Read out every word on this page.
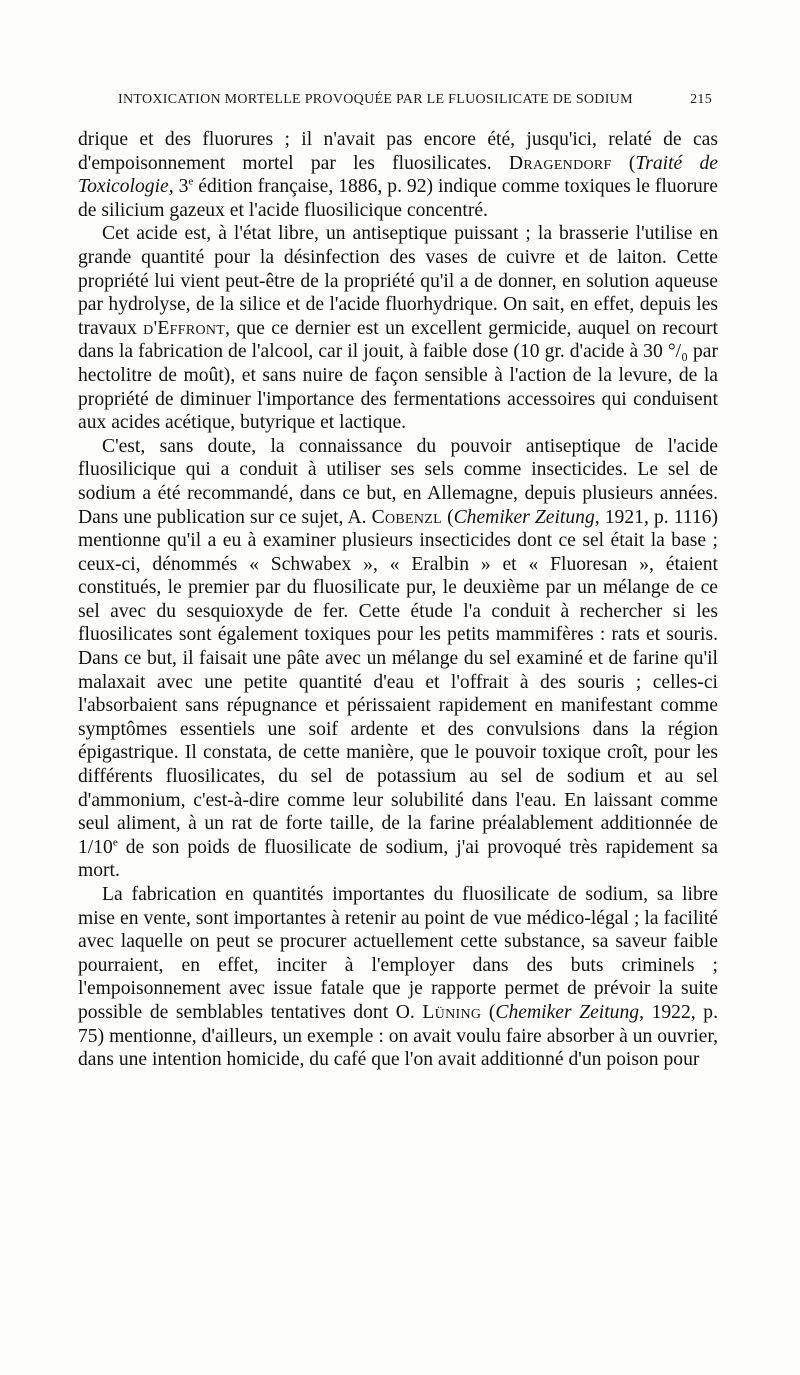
INTOXICATION MORTELLE PROVOQUÉE PAR LE FLUOSILICATE DE SODIUM	215

drique et des fluorures ; il n'avait pas encore été, jusqu'ici, relaté de cas d'empoisonnement mortel par les fluosilicates. Dragendorf (Traité de Toxicologie, 3e édition française, 1886, p. 92) indique comme toxiques le fluorure de silicium gazeux et l'acide fluosilicique concentré.

Cet acide est, à l'état libre, un antiseptique puissant ; la brasserie l'utilise en grande quantité pour la désinfection des vases de cuivre et de laiton. Cette propriété lui vient peut-être de la propriété qu'il a de donner, en solution aqueuse par hydrolyse, de la silice et de l'acide fluorhydrique. On sait, en effet, depuis les travaux d'Effront, que ce dernier est un excellent germicide, auquel on recourt dans la fabrication de l'alcool, car il jouit, à faible dose (10 gr. d'acide à 30 °/₀ par hectolitre de moût), et sans nuire de façon sensible à l'action de la levure, de la propriété de diminuer l'importance des fermentations accessoires qui conduisent aux acides acétique, butyrique et lactique.

C'est, sans doute, la connaissance du pouvoir antiseptique de l'acide fluosilicique qui a conduit à utiliser ses sels comme insecticides. Le sel de sodium a été recommandé, dans ce but, en Allemagne, depuis plusieurs années. Dans une publication sur ce sujet, A. Cobenzl (Chemiker Zeitung, 1921, p. 1116) mentionne qu'il a eu à examiner plusieurs insecticides dont ce sel était la base ; ceux-ci, dénommés « Schwabex », « Eralbin » et « Fluoresan », étaient constitués, le premier par du fluosilicate pur, le deuxième par un mélange de ce sel avec du sesquioxyde de fer. Cette étude l'a conduit à rechercher si les fluosilicates sont également toxiques pour les petits mammifères : rats et souris. Dans ce but, il faisait une pâte avec un mélange du sel examiné et de farine qu'il malaxait avec une petite quantité d'eau et l'offrait à des souris ; celles-ci l'absorbaient sans répugnance et périssaient rapidement en manifestant comme symptômes essentiels une soif ardente et des convulsions dans la région épigastrique. Il constata, de cette manière, que le pouvoir toxique croît, pour les différents fluosilicates, du sel de potassium au sel de sodium et au sel d'ammonium, c'est-à-dire comme leur solubilité dans l'eau. En laissant comme seul aliment, à un rat de forte taille, de la farine préalablement additionnée de 1/10e de son poids de fluosilicate de sodium, j'ai provoqué très rapidement sa mort.

La fabrication en quantités importantes du fluosilicate de sodium, sa libre mise en vente, sont importantes à retenir au point de vue médico-légal ; la facilité avec laquelle on peut se procurer actuellement cette substance, sa saveur faible pourraient, en effet, inciter à l'employer dans des buts criminels ; l'empoisonnement avec issue fatale que je rapporte permet de prévoir la suite possible de semblables tentatives dont O. Lüning (Chemiker Zeitung, 1922, p. 75) mentionne, d'ailleurs, un exemple : on avait voulu faire absorber à un ouvrier, dans une intention homicide, du café que l'on avait additionné d'un poison pour
